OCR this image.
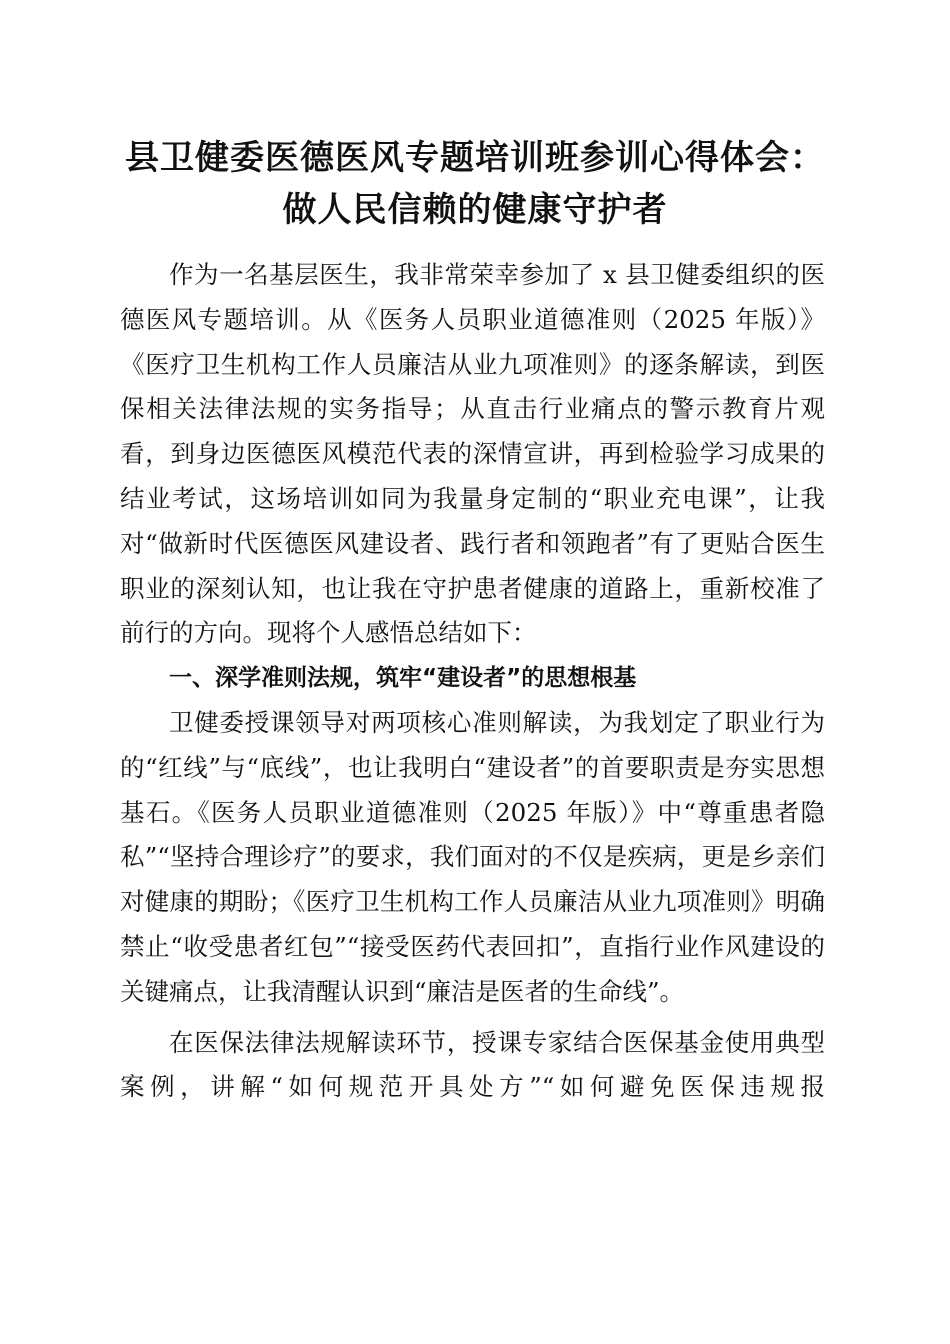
县卫健委医德医风专题培训班参训心得体会：
做人民信赖的健康守护者

作为一名基层医生，我非常荣幸参加了 x 县卫健委组织的医德医风专题培训。从《医务人员职业道德准则（2025 年版）》《医疗卫生机构工作人员廉洁从业九项准则》的逐条解读，到医保相关法律法规的实务指导；从直击行业痛点的警示教育片观看，到身边医德医风模范代表的深情宣讲，再到检验学习成果的结业考试，这场培训如同为我量身定制的“职业充电课”，让我对“做新时代医德医风建设者、践行者和领跑者”有了更贴合医生职业的深刻认知，也让我在守护患者健康的道路上，重新校准了前行的方向。现将个人感悟总结如下：

一、深学准则法规，筑牢“建设者”的思想根基

卫健委授课领导对两项核心准则解读，为我划定了职业行为的“红线”与“底线”，也让我明白“建设者”的首要职责是夯实思想基石。《医务人员职业道德准则（2025 年版）》中“尊重患者隐私”“坚持合理诊疗”的要求，我们面对的不仅是疾病，更是乡亲们对健康的期盼；《医疗卫生机构工作人员廉洁从业九项准则》明确禁止“收受患者红包”“接受医药代表回扣”，直指行业作风建设的关键痛点，让我清醒认识到“廉洁是医者的生命线”。

在医保法律法规解读环节，授课专家结合医保基金使用典型案例，讲解“如何规范开具处方”“如何避免医保违规报
